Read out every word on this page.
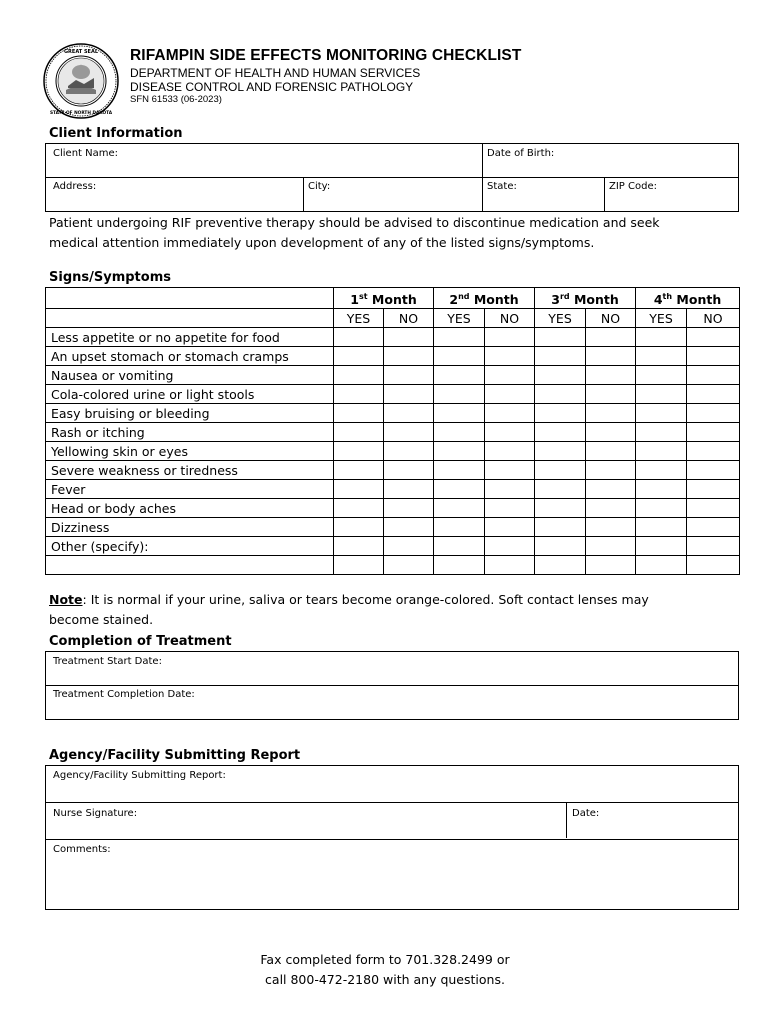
GREAT SEAL
STATE OF NORTH DAKOTA
RIFAMPIN SIDE EFFECTS MONITORING CHECKLIST
DEPARTMENT OF HEALTH AND HUMAN SERVICES
DISEASE CONTROL AND FORENSIC PATHOLOGY
SFN 61533 (06-2023)
Client Information
Client Name:	Date of Birth:
Address:	City:	State:	ZIP Code:
Patient undergoing RIF preventive therapy should be advised to discontinue medication and seek
medical attention immediately upon development of any of the listed signs/symptoms.
Signs/Symptoms
	1st Month		2nd Month		3rd Month		4th Month	
	YES	NO	YES	NO	YES	NO	YES	NO
Less appetite or no appetite for food								
An upset stomach or stomach cramps								
Nausea or vomiting								
Cola-colored urine or light stools								
Easy bruising or bleeding								
Rash or itching								
Yellowing skin or eyes								
Severe weakness or tiredness								
Fever								
Head or body aches								
Dizziness								
Other (specify):								

Note: It is normal if your urine, saliva or tears become orange-colored. Soft contact lenses may
become stained.
Completion of Treatment
Treatment Start Date:
Treatment Completion Date:
Agency/Facility Submitting Report
Agency/Facility Submitting Report:
Nurse Signature:	Date:
Comments:
Fax completed form to 701.328.2499 or
call 800-472-2180 with any questions.
